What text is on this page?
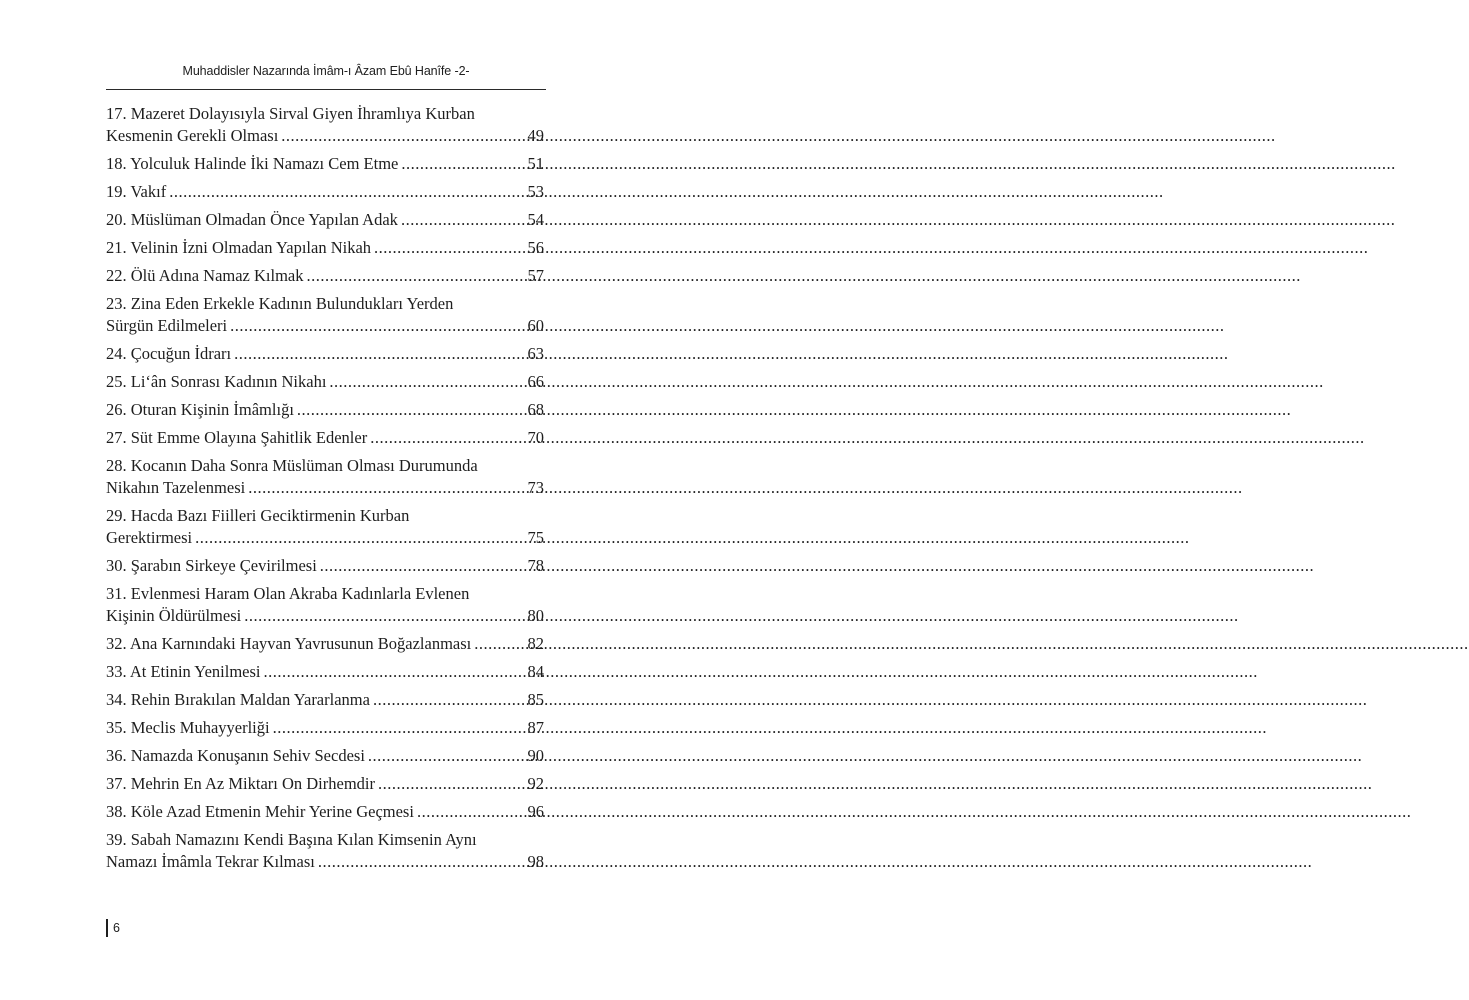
Muhaddisler Nazarında İmâm-ı Âzam Ebû Hanîfe -2-
17. Mazeret Dolayısıyla Sirval Giyen İhramlıya Kurban
Kesmenin Gerekli Olması .....	49
18. Yolculuk Halinde İki Namazı Cem Etme .....	51
19. Vakıf .....	53
20. Müslüman Olmadan Önce Yapılan Adak .....	54
21. Velinin İzni Olmadan Yapılan Nikah .....	56
22. Ölü Adına Namaz Kılmak .....	57
23. Zina Eden Erkekle Kadının Bulundukları Yerden
Sürgün Edilmeleri .....	60
24. Çocuğun İdrarı .....	63
25. Li‘ân Sonrası Kadının Nikahı .....	66
26. Oturan Kişinin İmâmlığı .....	68
27. Süt Emme Olayına Şahitlik Edenler .....	70
28. Kocanın Daha Sonra Müslüman Olması Durumunda
Nikahın Tazelenmesi .....	73
29. Hacda Bazı Fiilleri Geciktirmenin Kurban
Gerektirmesi .....	75
30. Şarabın Sirkeye Çevirilmesi .....	78
31. Evlenmesi Haram Olan Akraba Kadınlarla Evlenen
Kişinin Öldürülmesi .....	80
32. Ana Karnındaki Hayvan Yavrusunun Boğazlanması .....	82
33. At Etinin Yenilmesi .....	84
34. Rehin Bırakılan Maldan Yararlanma .....	85
35. Meclis Muhayyerliği .....	87
36. Namazda Konuşanın Sehiv Secdesi .....	90
37. Mehrin En Az Miktarı On Dirhemdir .....	92
38. Köle Azad Etmenin Mehir Yerine Geçmesi .....	96
39. Sabah Namazını Kendi Başına Kılan Kimsenin Aynı
Namazı İmâmla Tekrar Kılması .....	98
6
